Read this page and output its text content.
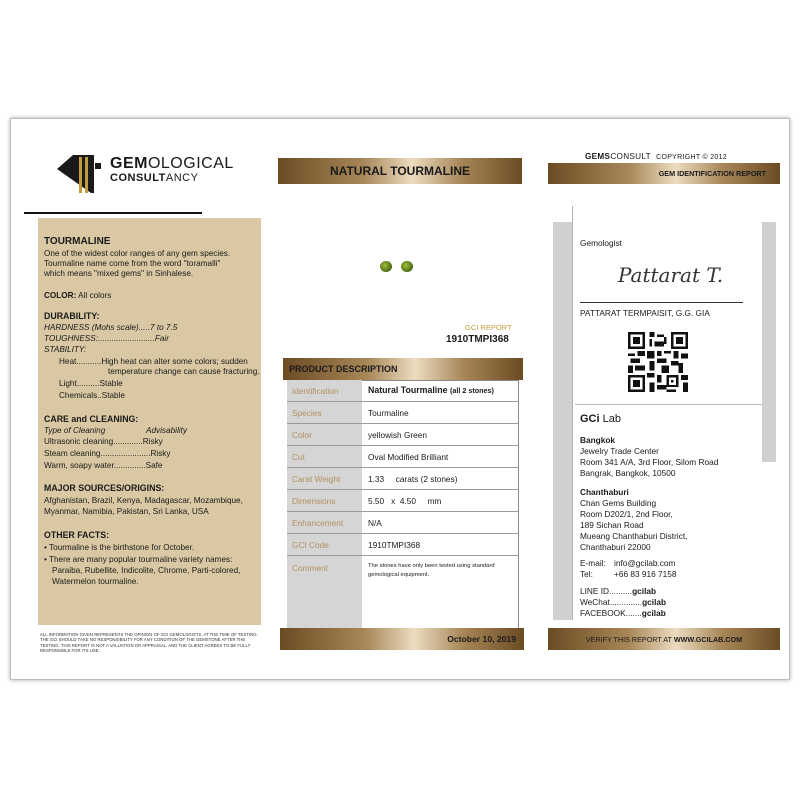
GEMOLOGICAL
CONSULTANCY
TOURMALINE
One of the widest color ranges of any gem species.
Tourmaline name come from the word "toramalli"
which means "mixed gems" in Sinhalese.
COLOR: All colors
DURABILITY:
HARDNESS (Mohs scale).....7 to 7.5
TOUGHNESS:.........................Fair
STABILITY:
Heat...........High heat can alter some colors; sudden
temperature change can cause fracturing.
Light..........Stable
Chemicals..Stable
CARE and CLEANING:
Type of Cleaning	Advisability
Ultrasonic cleaning.............Risky
Steam cleaning......................Risky
Warm, soapy water..............Safe
MAJOR SOURCES/ORIGINS:
Afghanistan, Brazil, Kenya, Madagascar, Mozambique,
Myanmar, Namibia, Pakistan, Sri Lanka, USA
OTHER FACTS:
• Tourmaline is the birthstone for October.
• There are many popular tourmaline variety names:
Paraiba, Rubellite, Indicolite, Chrome, Parti-colored,
Watermelon tourmaline.
ALL INFORMATION GIVEN REPRESENTS THE OPINION OF GCI GEMOLOGISTS. AT THE TIME OF TESTING. THE GCI SHOULD TAKE NO RESPONSIBILITY FOR ANY CONDITION OF THE GEMSTONE AFTER THE TESTING. THIS REPORT IS NOT A VALUATION OR APPRAISAL, AND THE CLIENT AGREES TO BE FULLY RESPONSIBLE FOR ITS USE.
NATURAL TOURMALINE
GCI REPORT
1910TMPI368
PRODUCT DESCRIPTION
Identification	Natural Tourmaline (all 2 stones)
Species	Tourmaline
Color	yellowish Green
Cut	Oval Modified Brilliant
Carat Weight	1.33     carats (2 stones)
Dimensions	5.50   x  4.50     mm
Enhancement	N/A
GCI Code	1910TMPI368
Comment	The stones have only been tested using standard gemological equipment.
October 10, 2019
GEMSCONSULT COPYRIGHT © 2012
GEM IDENTIFICATION REPORT
Gemologist
Pattarat T.
PATTARAT TERMPAISIT, G.G. GIA
GCi Lab
Bangkok
Jewelry Trade Center
Room 341 A/A, 3rd Floor, Silom Road
Bangrak, Bangkok, 10500
Chanthaburi
Chan Gems Building
Room D202/1, 2nd Floor,
189 Sichan Road
Mueang Chanthaburi District,
Chanthaburi 22000
E-mail: info@gcilab.com
Tel:	+66 83 916 7158
LINE ID..........gcilab
WeChat..............gcilab
FACEBOOK.......gcilab
VERIFY THIS REPORT AT
WWW.GCILAB.COM
